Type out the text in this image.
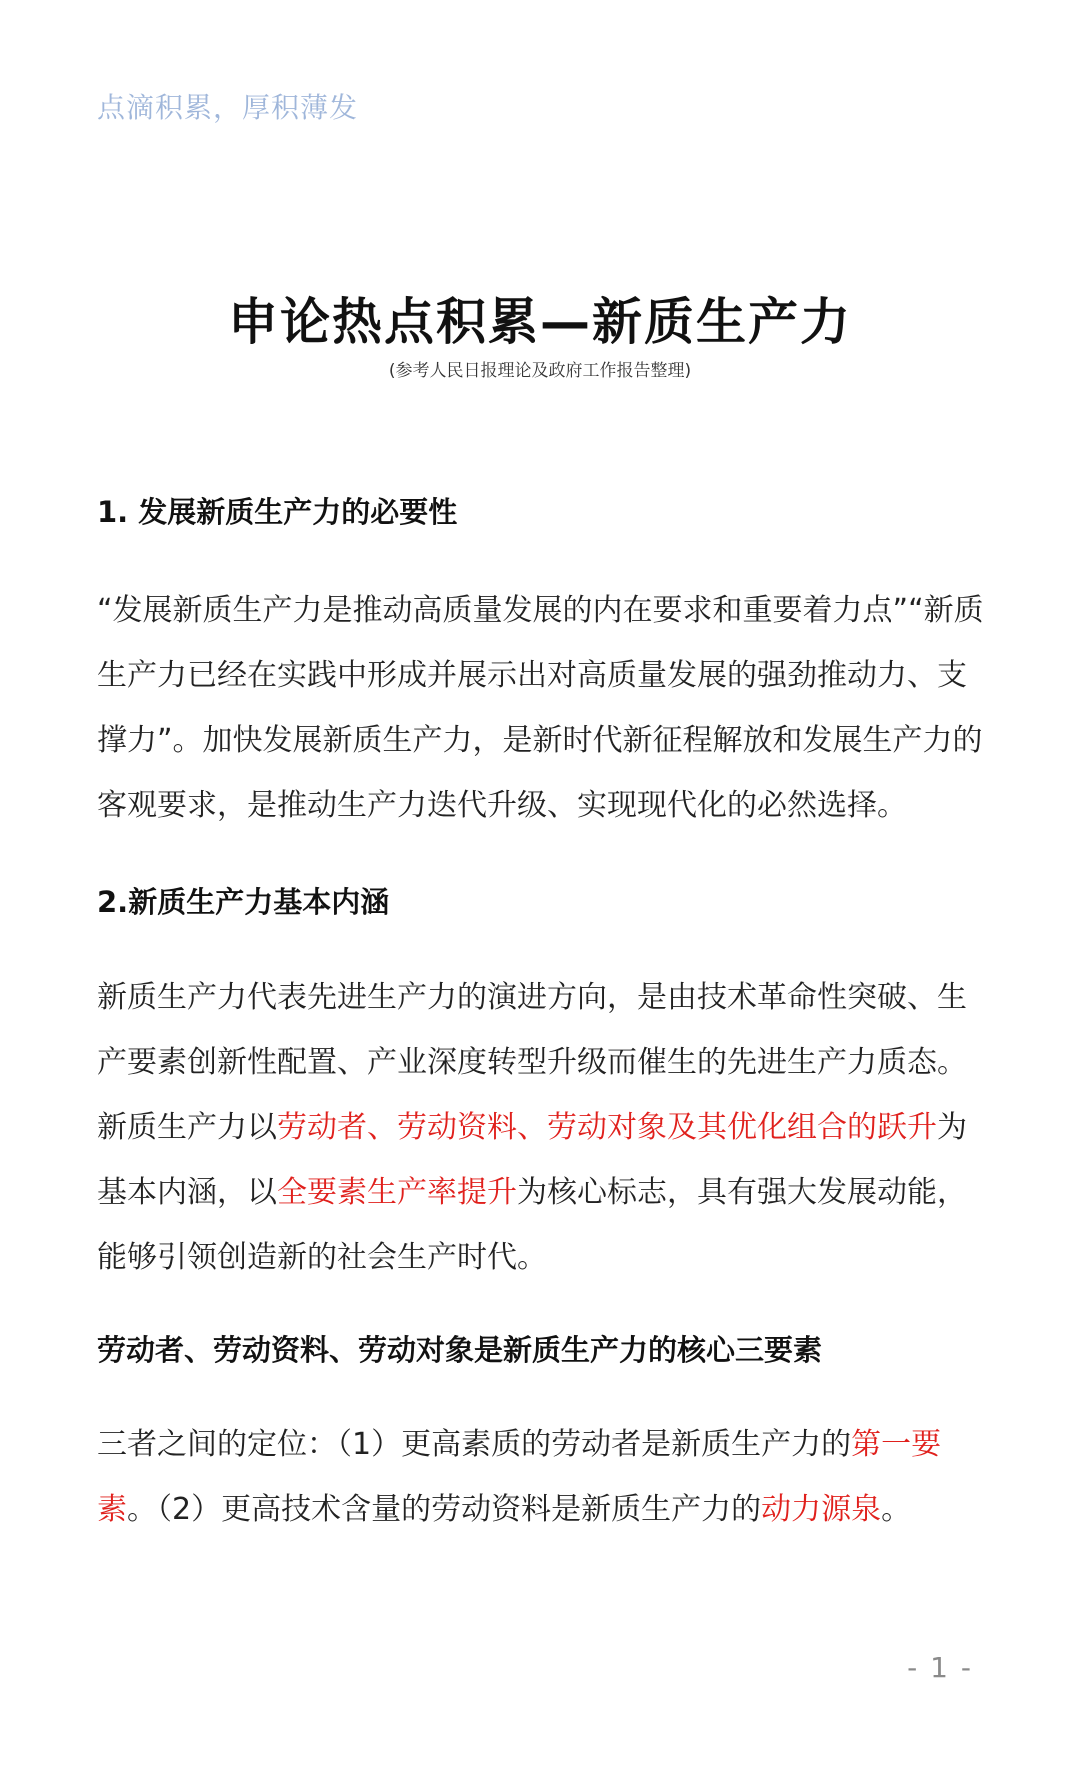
点滴积累，厚积薄发
申论热点积累—新质生产力
(参考人民日报理论及政府工作报告整理)
1. 发展新质生产力的必要性

“发展新质生产力是推动高质量发展的内在要求和重要着力点”“新质生产力已经在实践中形成并展示出对高质量发展的强劲推动力、支撑力”。加快发展新质生产力，是新时代新征程解放和发展生产力的客观要求，是推动生产力迭代升级、实现现代化的必然选择。

2.新质生产力基本内涵

新质生产力代表先进生产力的演进方向，是由技术革命性突破、生产要素创新性配置、产业深度转型升级而催生的先进生产力质态。新质生产力以劳动者、劳动资料、劳动对象及其优化组合的跃升为基本内涵，以全要素生产率提升为核心标志，具有强大发展动能，能够引领创造新的社会生产时代。

劳动者、劳动资料、劳动对象是新质生产力的核心三要素

三者之间的定位：（1）更高素质的劳动者是新质生产力的第一要素。（2）更高技术含量的劳动资料是新质生产力的动力源泉。

- 1 -
